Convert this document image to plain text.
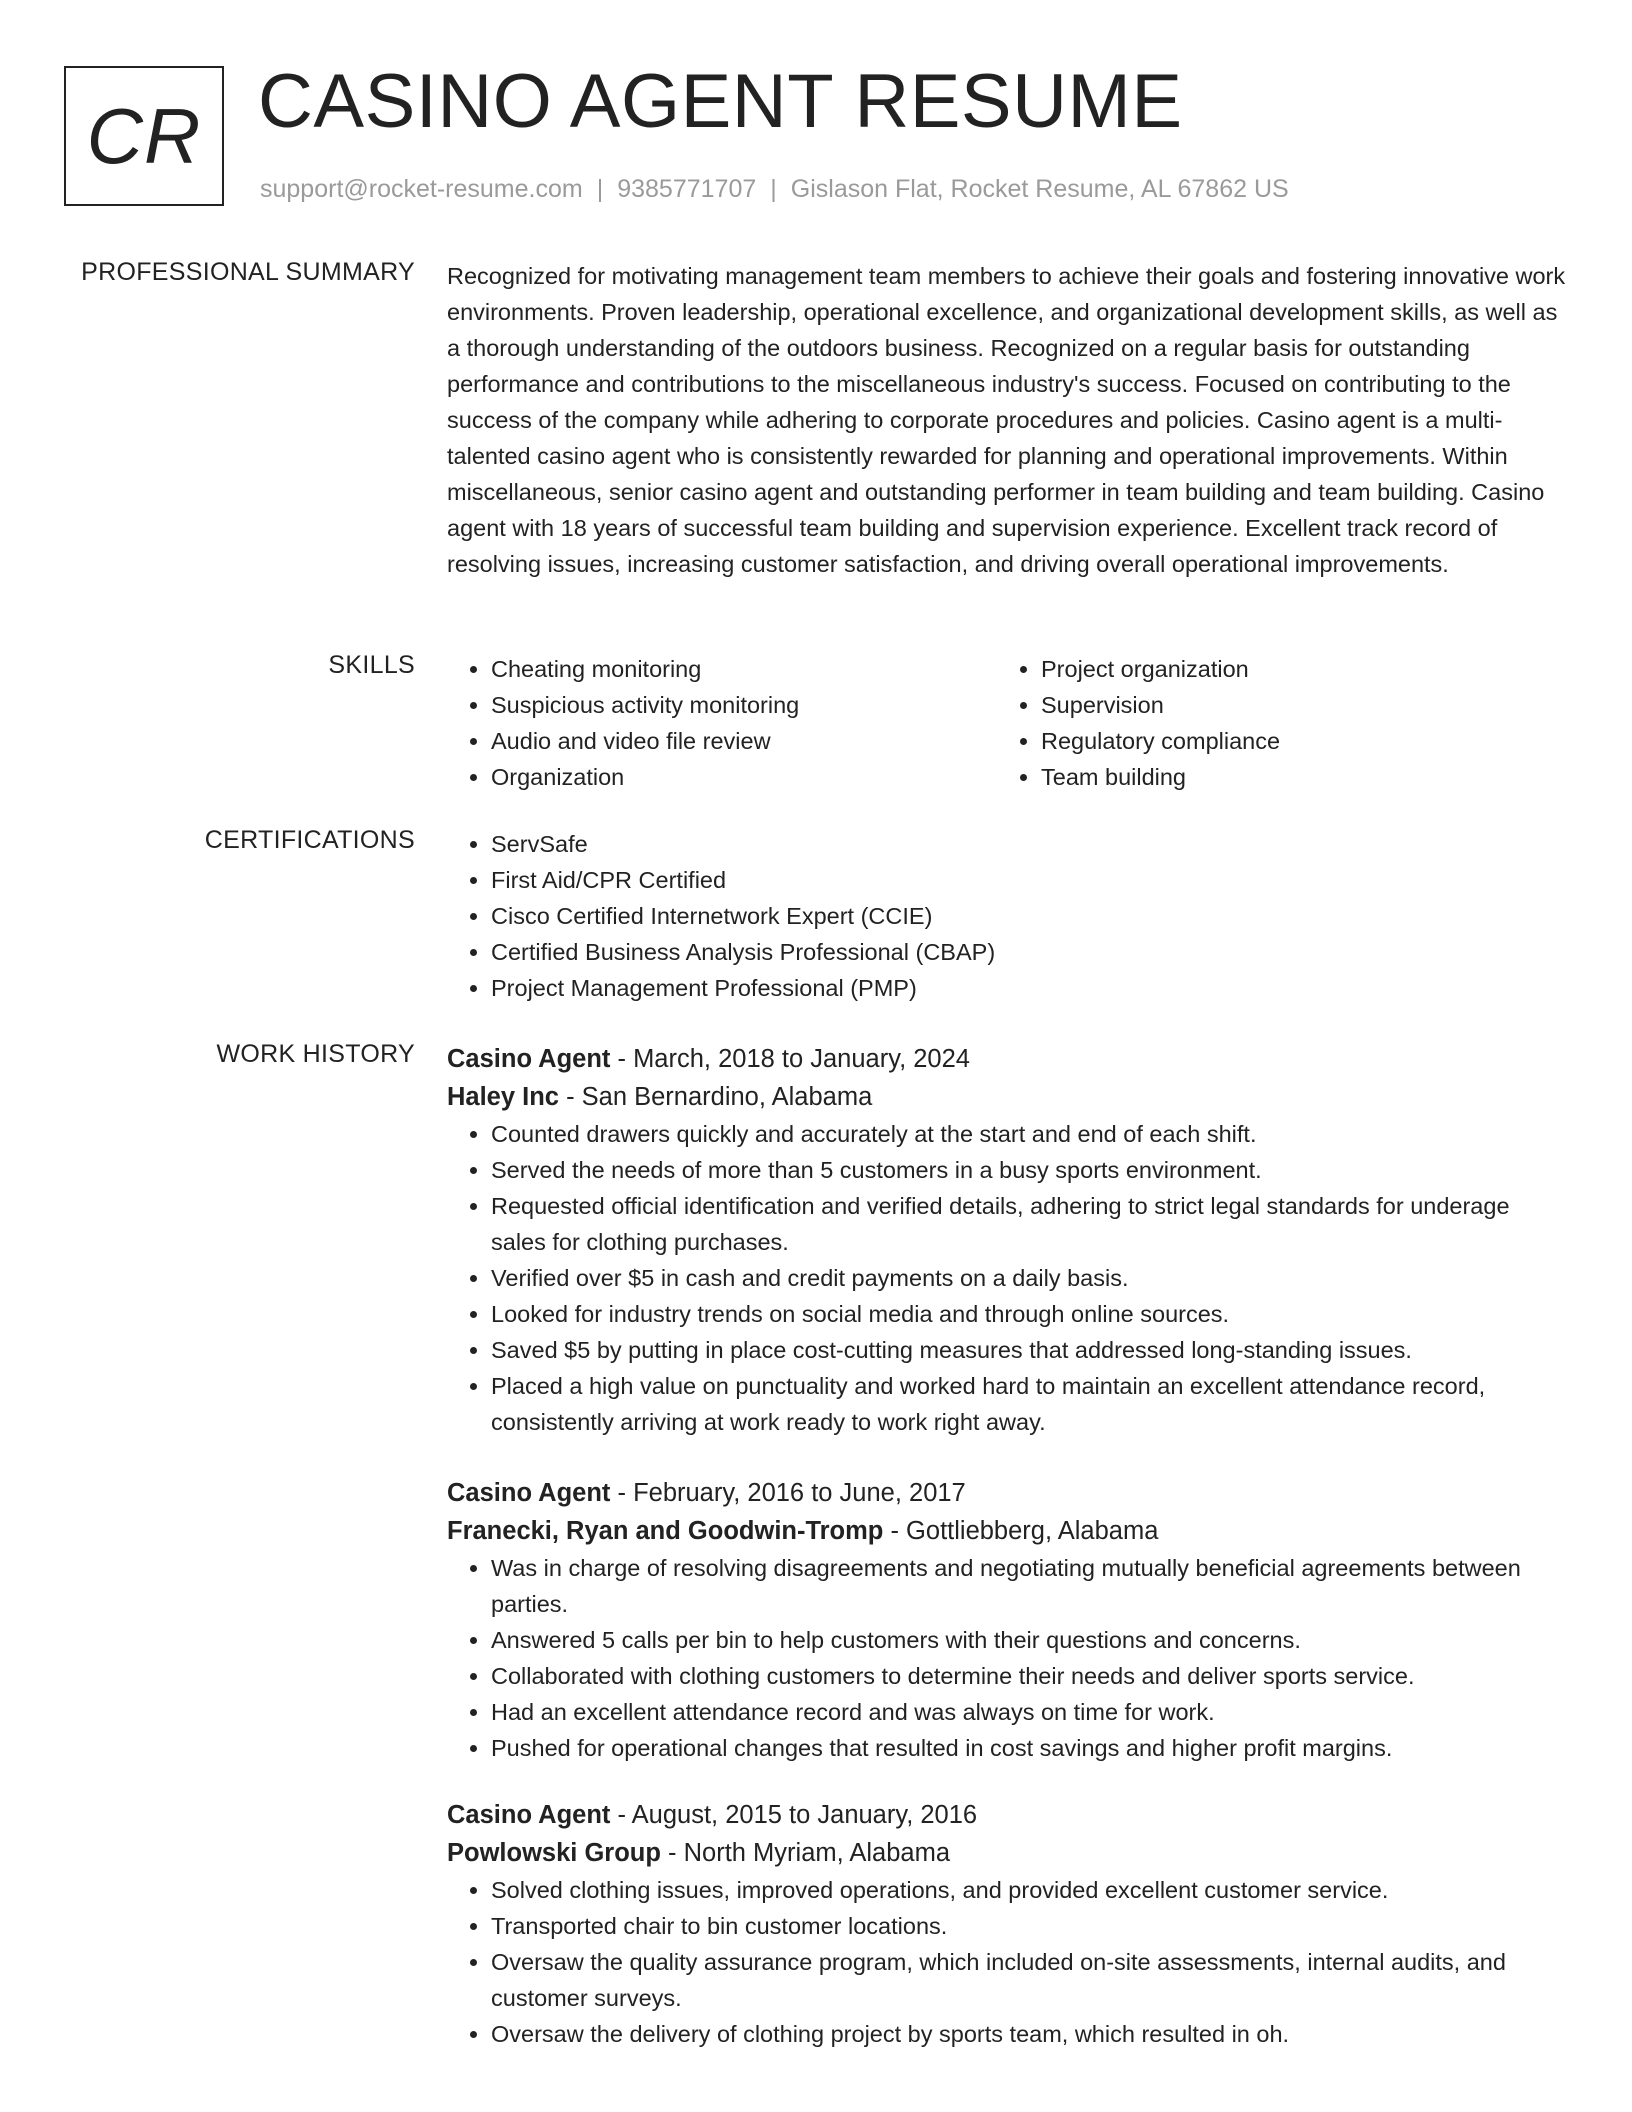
CR CASINO AGENT RESUME
support@rocket-resume.com | 9385771707 | Gislason Flat, Rocket Resume, AL 67862 US
PROFESSIONAL SUMMARY Recognized for motivating management team members to achieve their goals and fostering innovative work environments. Proven leadership, operational excellence, and organizational development skills, as well as a thorough understanding of the outdoors business. Recognized on a regular basis for outstanding performance and contributions to the miscellaneous industry's success. Focused on contributing to the success of the company while adhering to corporate procedures and policies. Casino agent is a multi-talented casino agent who is consistently rewarded for planning and operational improvements. Within miscellaneous, senior casino agent and outstanding performer in team building and team building. Casino agent with 18 years of successful team building and supervision experience. Excellent track record of resolving issues, increasing customer satisfaction, and driving overall operational improvements.

SKILLS	• Cheating monitoring
• Suspicious activity monitoring
• Audio and video file review
• Organization
• Project organization
• Supervision
• Regulatory compliance
• Team building
CERTIFICATIONS	• ServSafe
• First Aid/CPR Certified
• Cisco Certified Internetwork Expert (CCIE)
• Certified Business Analysis Professional (CBAP)
• Project Management Professional (PMP)
WORK HISTORY Casino Agent - March, 2018 to January, 2024
Haley Inc - San Bernardino, Alabama
• Counted drawers quickly and accurately at the start and end of each shift.
• Served the needs of more than 5 customers in a busy sports environment.
• Requested official identification and verified details, adhering to strict legal standards for underage sales for clothing purchases.
• Verified over $5 in cash and credit payments on a daily basis.
• Looked for industry trends on social media and through online sources.
• Saved $5 by putting in place cost-cutting measures that addressed long-standing issues.
• Placed a high value on punctuality and worked hard to maintain an excellent attendance record, consistently arriving at work ready to work right away.
Casino Agent - February, 2016 to June, 2017
Franecki, Ryan and Goodwin-Tromp - Gottliebberg, Alabama
• Was in charge of resolving disagreements and negotiating mutually beneficial agreements between parties.
• Answered 5 calls per bin to help customers with their questions and concerns.
• Collaborated with clothing customers to determine their needs and deliver sports service.
• Had an excellent attendance record and was always on time for work.
• Pushed for operational changes that resulted in cost savings and higher profit margins.
Casino Agent - August, 2015 to January, 2016
Powlowski Group - North Myriam, Alabama
• Solved clothing issues, improved operations, and provided excellent customer service.
• Transported chair to bin customer locations.
• Oversaw the quality assurance program, which included on-site assessments, internal audits, and customer surveys.
• Oversaw the delivery of clothing project by sports team, which resulted in oh.
